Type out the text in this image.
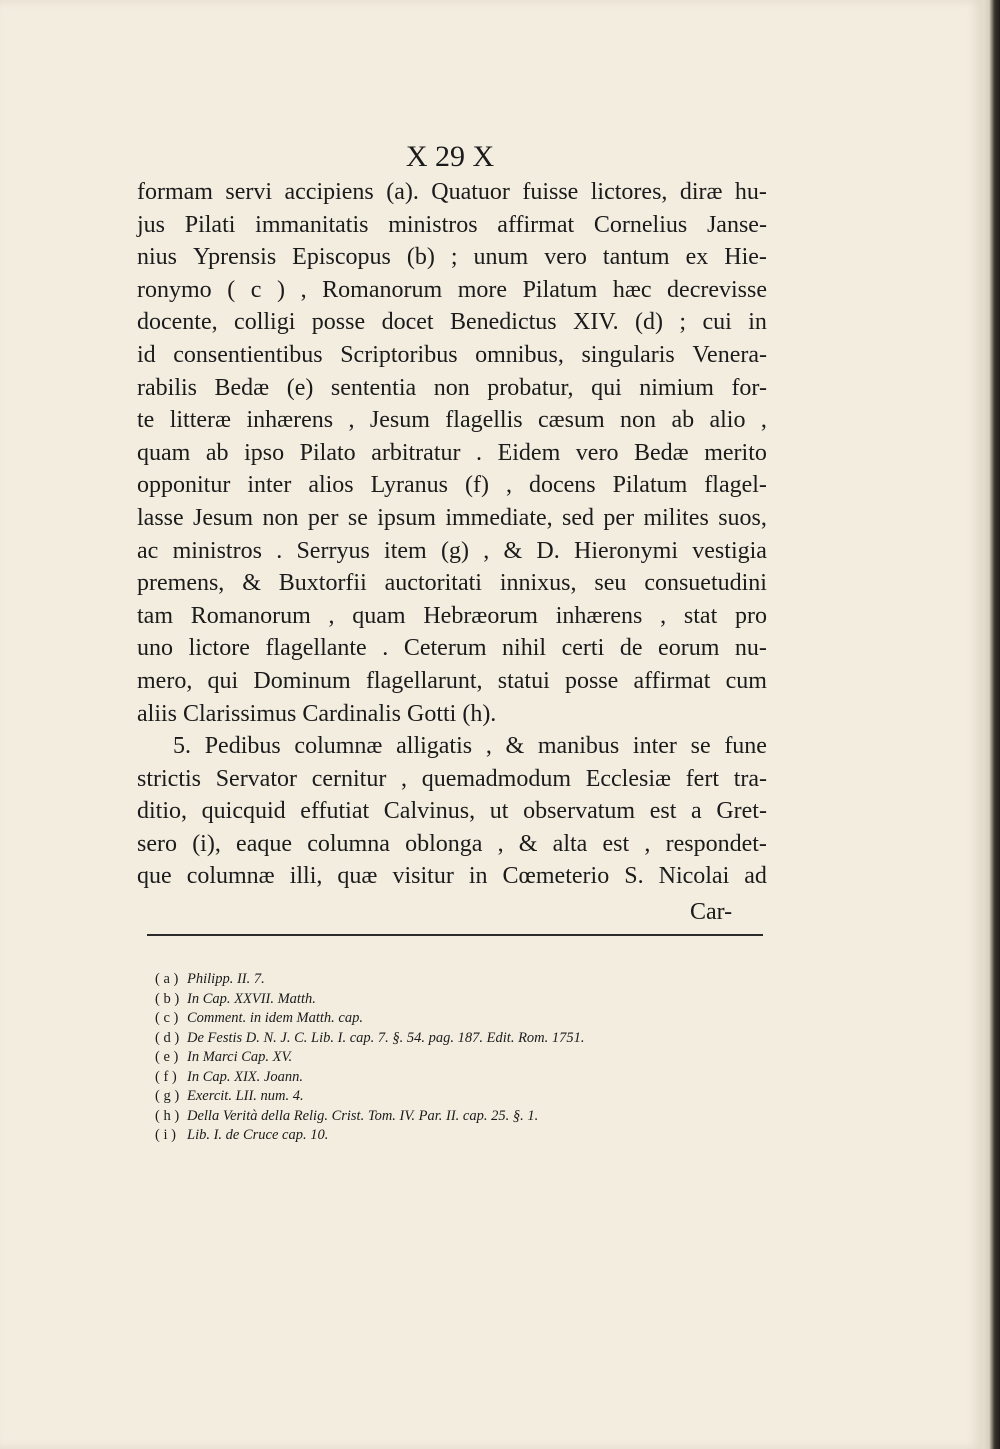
X 29 X
formam servi accipiens (a). Quatuor fuisse lictores, diræ hu-
jus Pilati immanitatis ministros affirmat Cornelius Janse-
nius Yprensis Episcopus (b) ; unum vero tantum ex Hie-
ronymo ( c ) , Romanorum more Pilatum hæc decrevisse
docente, colligi posse docet Benedictus XIV. (d) ; cui in
id consentientibus Scriptoribus omnibus, singularis Venera-
rabilis Bedæ (e) sententia non probatur, qui nimium for-
te litteræ inhærens , Jesum flagellis cæsum non ab alio ,
quam ab ipso Pilato arbitratur . Eidem vero Bedæ merito
opponitur inter alios Lyranus (f) , docens Pilatum flagel-
lasse Jesum non per se ipsum immediate, sed per milites suos,
ac ministros . Serryus item (g) , & D. Hieronymi vestigia
premens, & Buxtorfii auctoritati innixus, seu consuetudini
tam Romanorum , quam Hebræorum inhærens , stat pro
uno lictore flagellante . Ceterum nihil certi de eorum nu-
mero, qui Dominum flagellarunt, statui posse affirmat cum
aliis Clarissimus Cardinalis Gotti (h).
5. Pedibus columnæ alligatis , & manibus inter se fune
strictis Servator cernitur , quemadmodum Ecclesiæ fert tra-
ditio, quicquid effutiat Calvinus, ut observatum est a Gret-
sero (i), eaque columna oblonga , & alta est , respondet-
que columnæ illi, quæ visitur in Cœmeterio S. Nicolai ad
Car-
( a ) Philipp. II. 7.
( b ) In Cap. XXVII. Matth.
( c ) Comment. in idem Matth. cap.
( d ) De Festis D. N. J. C. Lib. I. cap. 7. §. 54. pag. 187. Edit. Rom. 1751.
( e ) In Marci Cap. XV.
( f ) In Cap. XIX. Joann.
( g ) Exercit. LII. num. 4.
( h ) Della Verità della Relig. Crist. Tom. IV. Par. II. cap. 25. §. 1.
( i ) Lib. I. de Cruce cap. 10.
